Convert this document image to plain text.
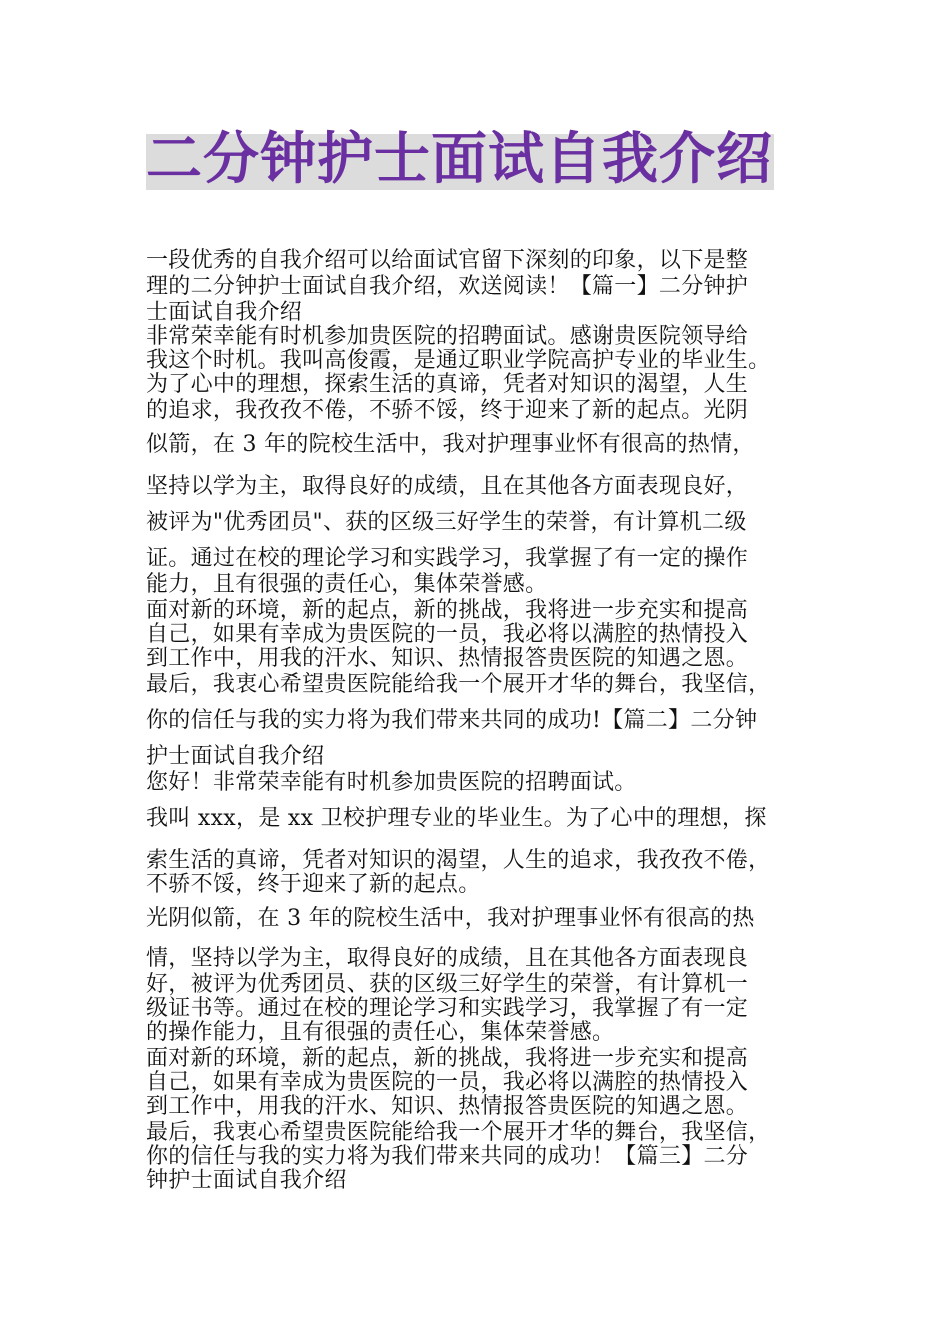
二分钟护士面试自我介绍
一段优秀的自我介绍可以给面试官留下深刻的印象，以下是整
理的二分钟护士面试自我介绍，欢送阅读！【篇一】二分钟护
士面试自我介绍
非常荣幸能有时机参加贵医院的招聘面试。感谢贵医院领导给
我这个时机。我叫高俊霞，是通辽职业学院高护专业的毕业生。
为了心中的理想，探索生活的真谛，凭者对知识的渴望，人生
的追求，我孜孜不倦，不骄不馁，终于迎来了新的起点。光阴
似箭，在 3 年的院校生活中，我对护理事业怀有很高的热情，
坚持以学为主，取得良好的成绩，且在其他各方面表现良好，
被评为"优秀团员"、获的区级三好学生的荣誉，有计算机二级
证。通过在校的理论学习和实践学习，我掌握了有一定的操作
能力，且有很强的责任心，集体荣誉感。
面对新的环境，新的起点，新的挑战，我将进一步充实和提高
自己，如果有幸成为贵医院的一员，我必将以满腔的热情投入
到工作中，用我的汗水、知识、热情报答贵医院的知遇之恩。
最后，我衷心希望贵医院能给我一个展开才华的舞台，我坚信，
你的信任与我的实力将为我们带来共同的成功!【篇二】二分钟
护士面试自我介绍
您好！非常荣幸能有时机参加贵医院的招聘面试。
我叫 xxx，是 xx 卫校护理专业的毕业生。为了心中的理想，探
索生活的真谛，凭者对知识的渴望，人生的追求，我孜孜不倦，
不骄不馁，终于迎来了新的起点。
光阴似箭，在 3 年的院校生活中，我对护理事业怀有很高的热
情，坚持以学为主，取得良好的成绩，且在其他各方面表现良
好，被评为优秀团员、获的区级三好学生的荣誉，有计算机一
级证书等。通过在校的理论学习和实践学习，我掌握了有一定
的操作能力，且有很强的责任心，集体荣誉感。
面对新的环境，新的起点，新的挑战，我将进一步充实和提高
自己，如果有幸成为贵医院的一员，我必将以满腔的热情投入
到工作中，用我的汗水、知识、热情报答贵医院的知遇之恩。
最后，我衷心希望贵医院能给我一个展开才华的舞台，我坚信，
你的信任与我的实力将为我们带来共同的成功！【篇三】二分
钟护士面试自我介绍
